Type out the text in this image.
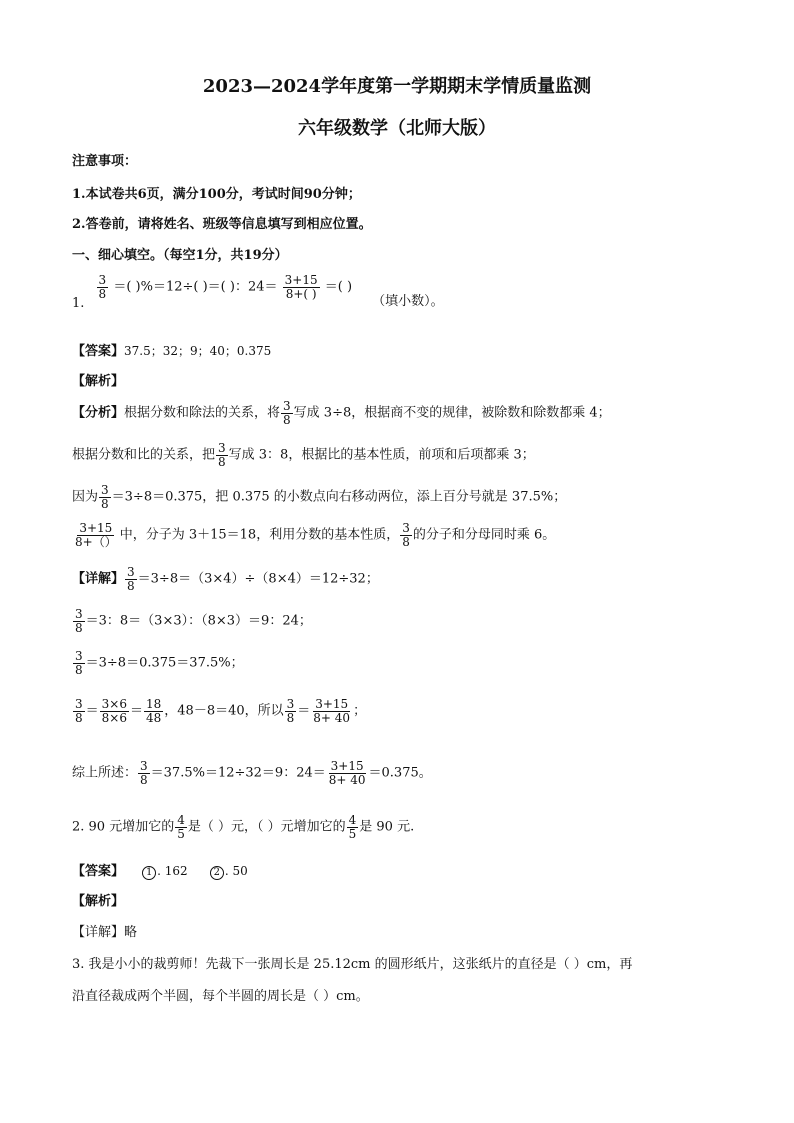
2023—2024学年度第一学期期末学情质量监测
六年级数学（北师大版）
注意事项：
1.本试卷共6页，满分100分，考试时间90分钟；
2.答卷前，请将姓名、班级等信息填写到相应位置。
一、细心填空。（每空1分，共19分）
1.
$\frac{3}{8}$ ＝( )%＝12÷( )＝( )：$24= \frac{3+15}{8+( )}$ ＝( ) （填小数）。
【答案】37.5；32；9；40；0.375
【解析】
【分析】根据分数和除法的关系，将 $\frac{3}{8}$ 写成 3÷8，根据商不变的规律，被除数和除数都乘 4；
根据分数和比的关系，把 $\frac{3}{8}$ 写成 3：8，根据比的基本性质，前项和后项都乘 3；
因为 $\frac{3}{8} =3\div 8=0.375$，把 0.375 的小数点向右移动两位，添上百分号就是 37.5%；
$\frac{3+15}{8+()}$ 中，分子为 3＋15＝18，利用分数的基本性质， $\frac{3}{8}$ 的分子和分母同时乘 6。
【详解】 $\frac{3}{8} =3\div 8=(3\times 4)\div(8\times 4)=12\div 32$；
$\frac{3}{8} =3$：8＝（3×3）：（8×3）＝9：24；
$\frac{3}{8} =3\div 8=0.375=37.5\%$；
$\frac{3}{8} = \frac{3\times 6}{8\times 6} = \frac{18}{48}$ ，48－8＝40，所以 $\frac{3}{8} = \frac{3+15}{8+ 40}$ ；
综上所述： $\frac{3}{8} =37.5\%=12\div 32=9$：$24= \frac{3+15}{8+ 40} =0.375$。
2. 90 元增加它的 $\frac{4}{5}$ 是（ ）元，（ ）元增加它的 $\frac{4}{5}$ 是 90 元.
【答案】 1 . 162	2 . 50
【解析】
【详解】略
3. 我是小小的裁剪师！先裁下一张周长是 25.12cm 的圆形纸片，这张纸片的直径是（ ）cm，再
沿直径裁成两个半圆，每个半圆的周长是（ ）cm。
